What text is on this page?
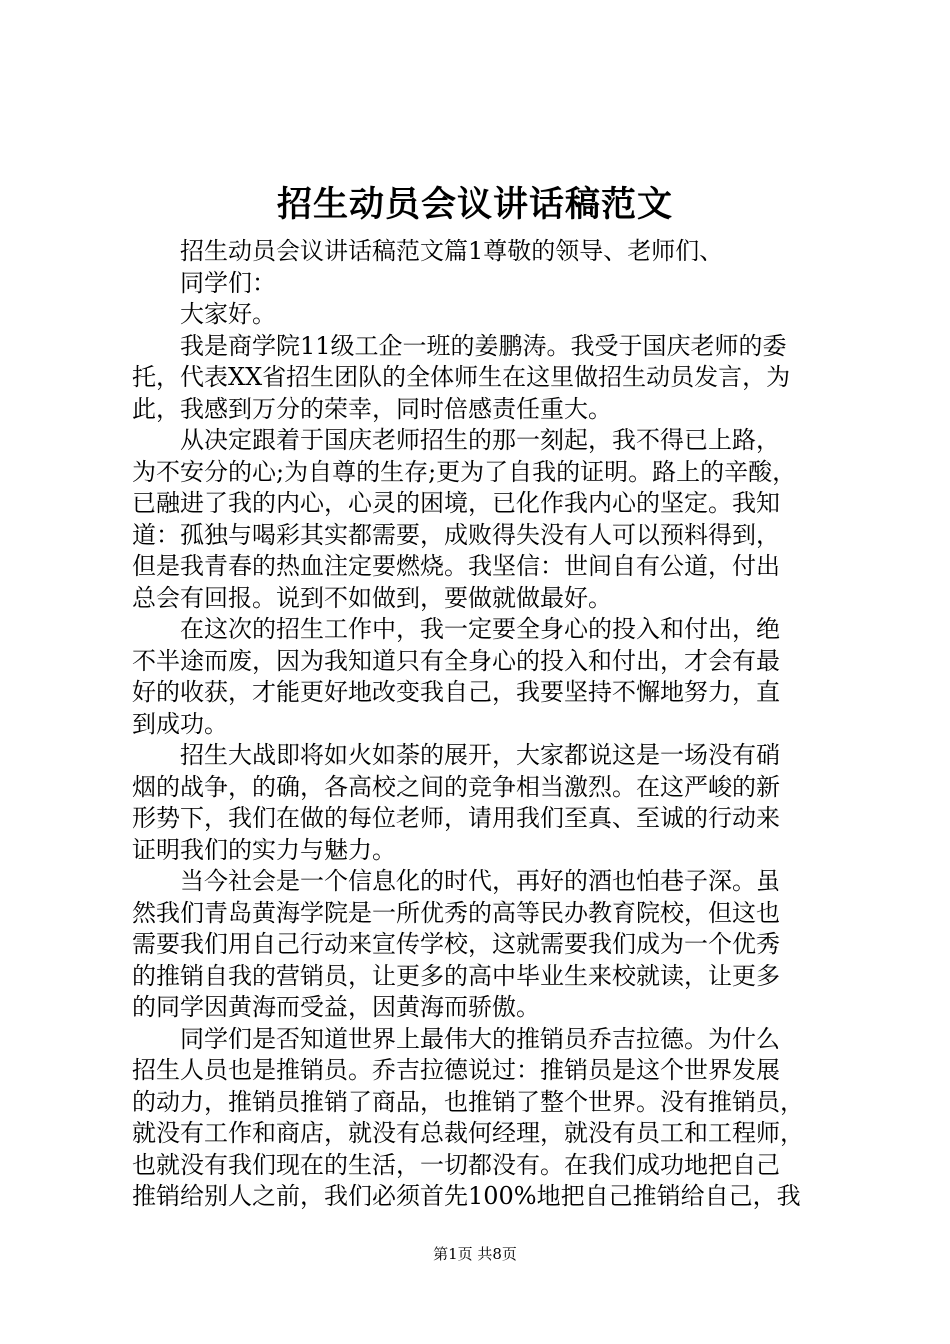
招生动员会议讲话稿范文
招生动员会议讲话稿范文篇1尊敬的领导、老师们、
同学们：
大家好。
我是商学院11级工企一班的姜鹏涛。我受于国庆老师的委
托，代表XX省招生团队的全体师生在这里做招生动员发言，为
此，我感到万分的荣幸，同时倍感责任重大。
从决定跟着于国庆老师招生的那一刻起，我不得已上路，
为不安分的心;为自尊的生存;更为了自我的证明。路上的辛酸，
已融进了我的内心，心灵的困境，已化作我内心的坚定。我知
道：孤独与喝彩其实都需要，成败得失没有人可以预料得到，
但是我青春的热血注定要燃烧。我坚信：世间自有公道，付出
总会有回报。说到不如做到，要做就做最好。
在这次的招生工作中，我一定要全身心的投入和付出，绝
不半途而废，因为我知道只有全身心的投入和付出，才会有最
好的收获，才能更好地改变我自己，我要坚持不懈地努力，直
到成功。
招生大战即将如火如荼的展开，大家都说这是一场没有硝
烟的战争，的确，各高校之间的竞争相当激烈。在这严峻的新
形势下，我们在做的每位老师，请用我们至真、至诚的行动来
证明我们的实力与魅力。
当今社会是一个信息化的时代，再好的酒也怕巷子深。虽
然我们青岛黄海学院是一所优秀的高等民办教育院校，但这也
需要我们用自己行动来宣传学校，这就需要我们成为一个优秀
的推销自我的营销员，让更多的高中毕业生来校就读，让更多
的同学因黄海而受益，因黄海而骄傲。
同学们是否知道世界上最伟大的推销员乔吉拉德。为什么
招生人员也是推销员。乔吉拉德说过：推销员是这个世界发展
的动力，推销员推销了商品，也推销了整个世界。没有推销员，
就没有工作和商店，就没有总裁何经理，就没有员工和工程师，
也就没有我们现在的生活，一切都没有。在我们成功地把自己
推销给别人之前，我们必须首先100%地把自己推销给自己，我
第1页 共8页
